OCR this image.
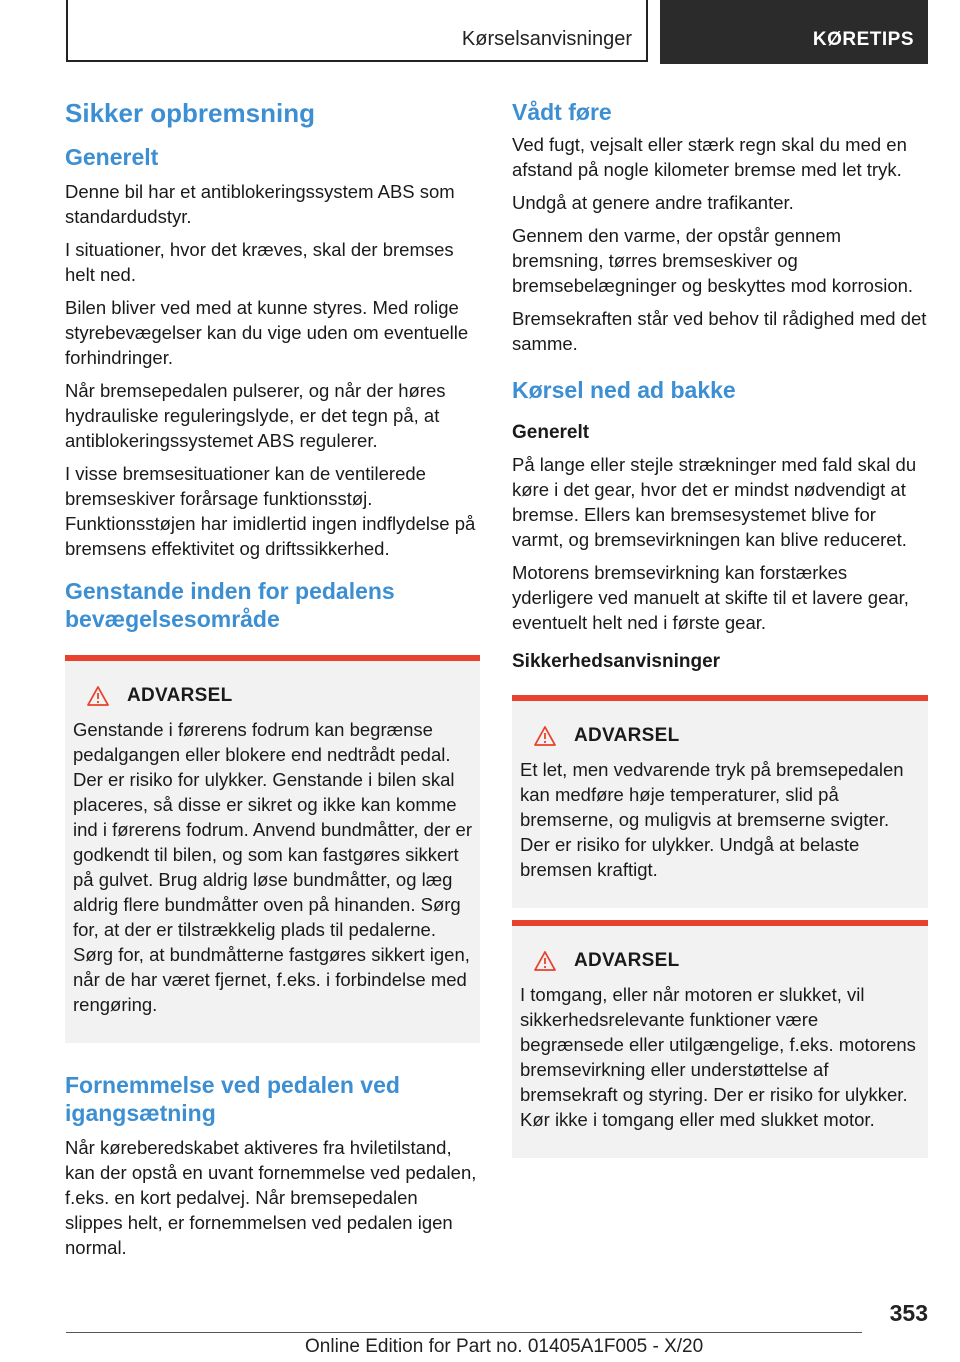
Kørselsanvisninger	KØRETIPS
Sikker opbremsning
Generelt

Denne bil har et antiblokeringssystem ABS som standardudstyr.

I situationer, hvor det kræves, skal der bremses helt ned.

Bilen bliver ved med at kunne styres. Med rolige styrebevægelser kan du vige uden om eventuelle forhindringer.

Når bremsepedalen pulserer, og når der høres hydrauliske reguleringslyde, er det tegn på, at antiblokeringssystemet ABS regulerer.

I visse bremsesituationer kan de ventilerede bremseskiver forårsage funktionsstøj. Funktionsstøjen har imidlertid ingen indflydelse på bremsens effektivitet og driftssikkerhed.

Genstande inden for pedalens bevægelsesområde
ADVARSEL

Genstande i førerens fodrum kan begrænse pedalgangen eller blokere end nedtrådt pedal. Der er risiko for ulykker. Genstande i bilen skal placeres, så disse er sikret og ikke kan komme ind i førerens fodrum. Anvend bundmåtter, der er godkendt til bilen, og som kan fastgøres sikkert på gulvet. Brug aldrig løse bundmåtter, og læg aldrig flere bundmåtter oven på hinanden. Sørg for, at der er tilstrækkelig plads til pedalerne. Sørg for, at bundmåtterne fastgøres sikkert igen, når de har været fjernet, f.eks. i forbindelse med rengøring.

Fornemmelse ved pedalen ved igangsætning

Når køreberedskabet aktiveres fra hviletilstand, kan der opstå en uvant fornemmelse ved pedalen, f.eks. en kort pedalvej. Når bremsepedalen slippes helt, er fornemmelsen ved pedalen igen normal.

Vådt føre

Ved fugt, vejsalt eller stærk regn skal du med en afstand på nogle kilometer bremse med let tryk.

Undgå at genere andre trafikanter.

Gennem den varme, der opstår gennem bremsning, tørres bremseskiver og bremsebelægninger og beskyttes mod korrosion.

Bremsekraften står ved behov til rådighed med det samme.

Kørsel ned ad bakke
Generelt

På lange eller stejle strækninger med fald skal du køre i det gear, hvor det er mindst nødvendigt at bremse. Ellers kan bremsesystemet blive for varmt, og bremsevirkningen kan blive reduceret.

Motorens bremsevirkning kan forstærkes yderligere ved manuelt at skifte til et lavere gear, eventuelt helt ned i første gear.

Sikkerhedsanvisninger
ADVARSEL

Et let, men vedvarende tryk på bremsepedalen kan medføre høje temperaturer, slid på bremserne, og muligvis at bremserne svigter. Der er risiko for ulykker. Undgå at belaste bremsen kraftigt.

ADVARSEL

I tomgang, eller når motoren er slukket, vil sikkerhedsrelevante funktioner være begrænsede eller utilgængelige, f.eks. motorens bremsevirkning eller understøttelse af bremsekraft og styring. Der er risiko for ulykker. Kør ikke i tomgang eller med slukket motor.

353
Online Edition for Part no. 01405A1F005 - X/20
